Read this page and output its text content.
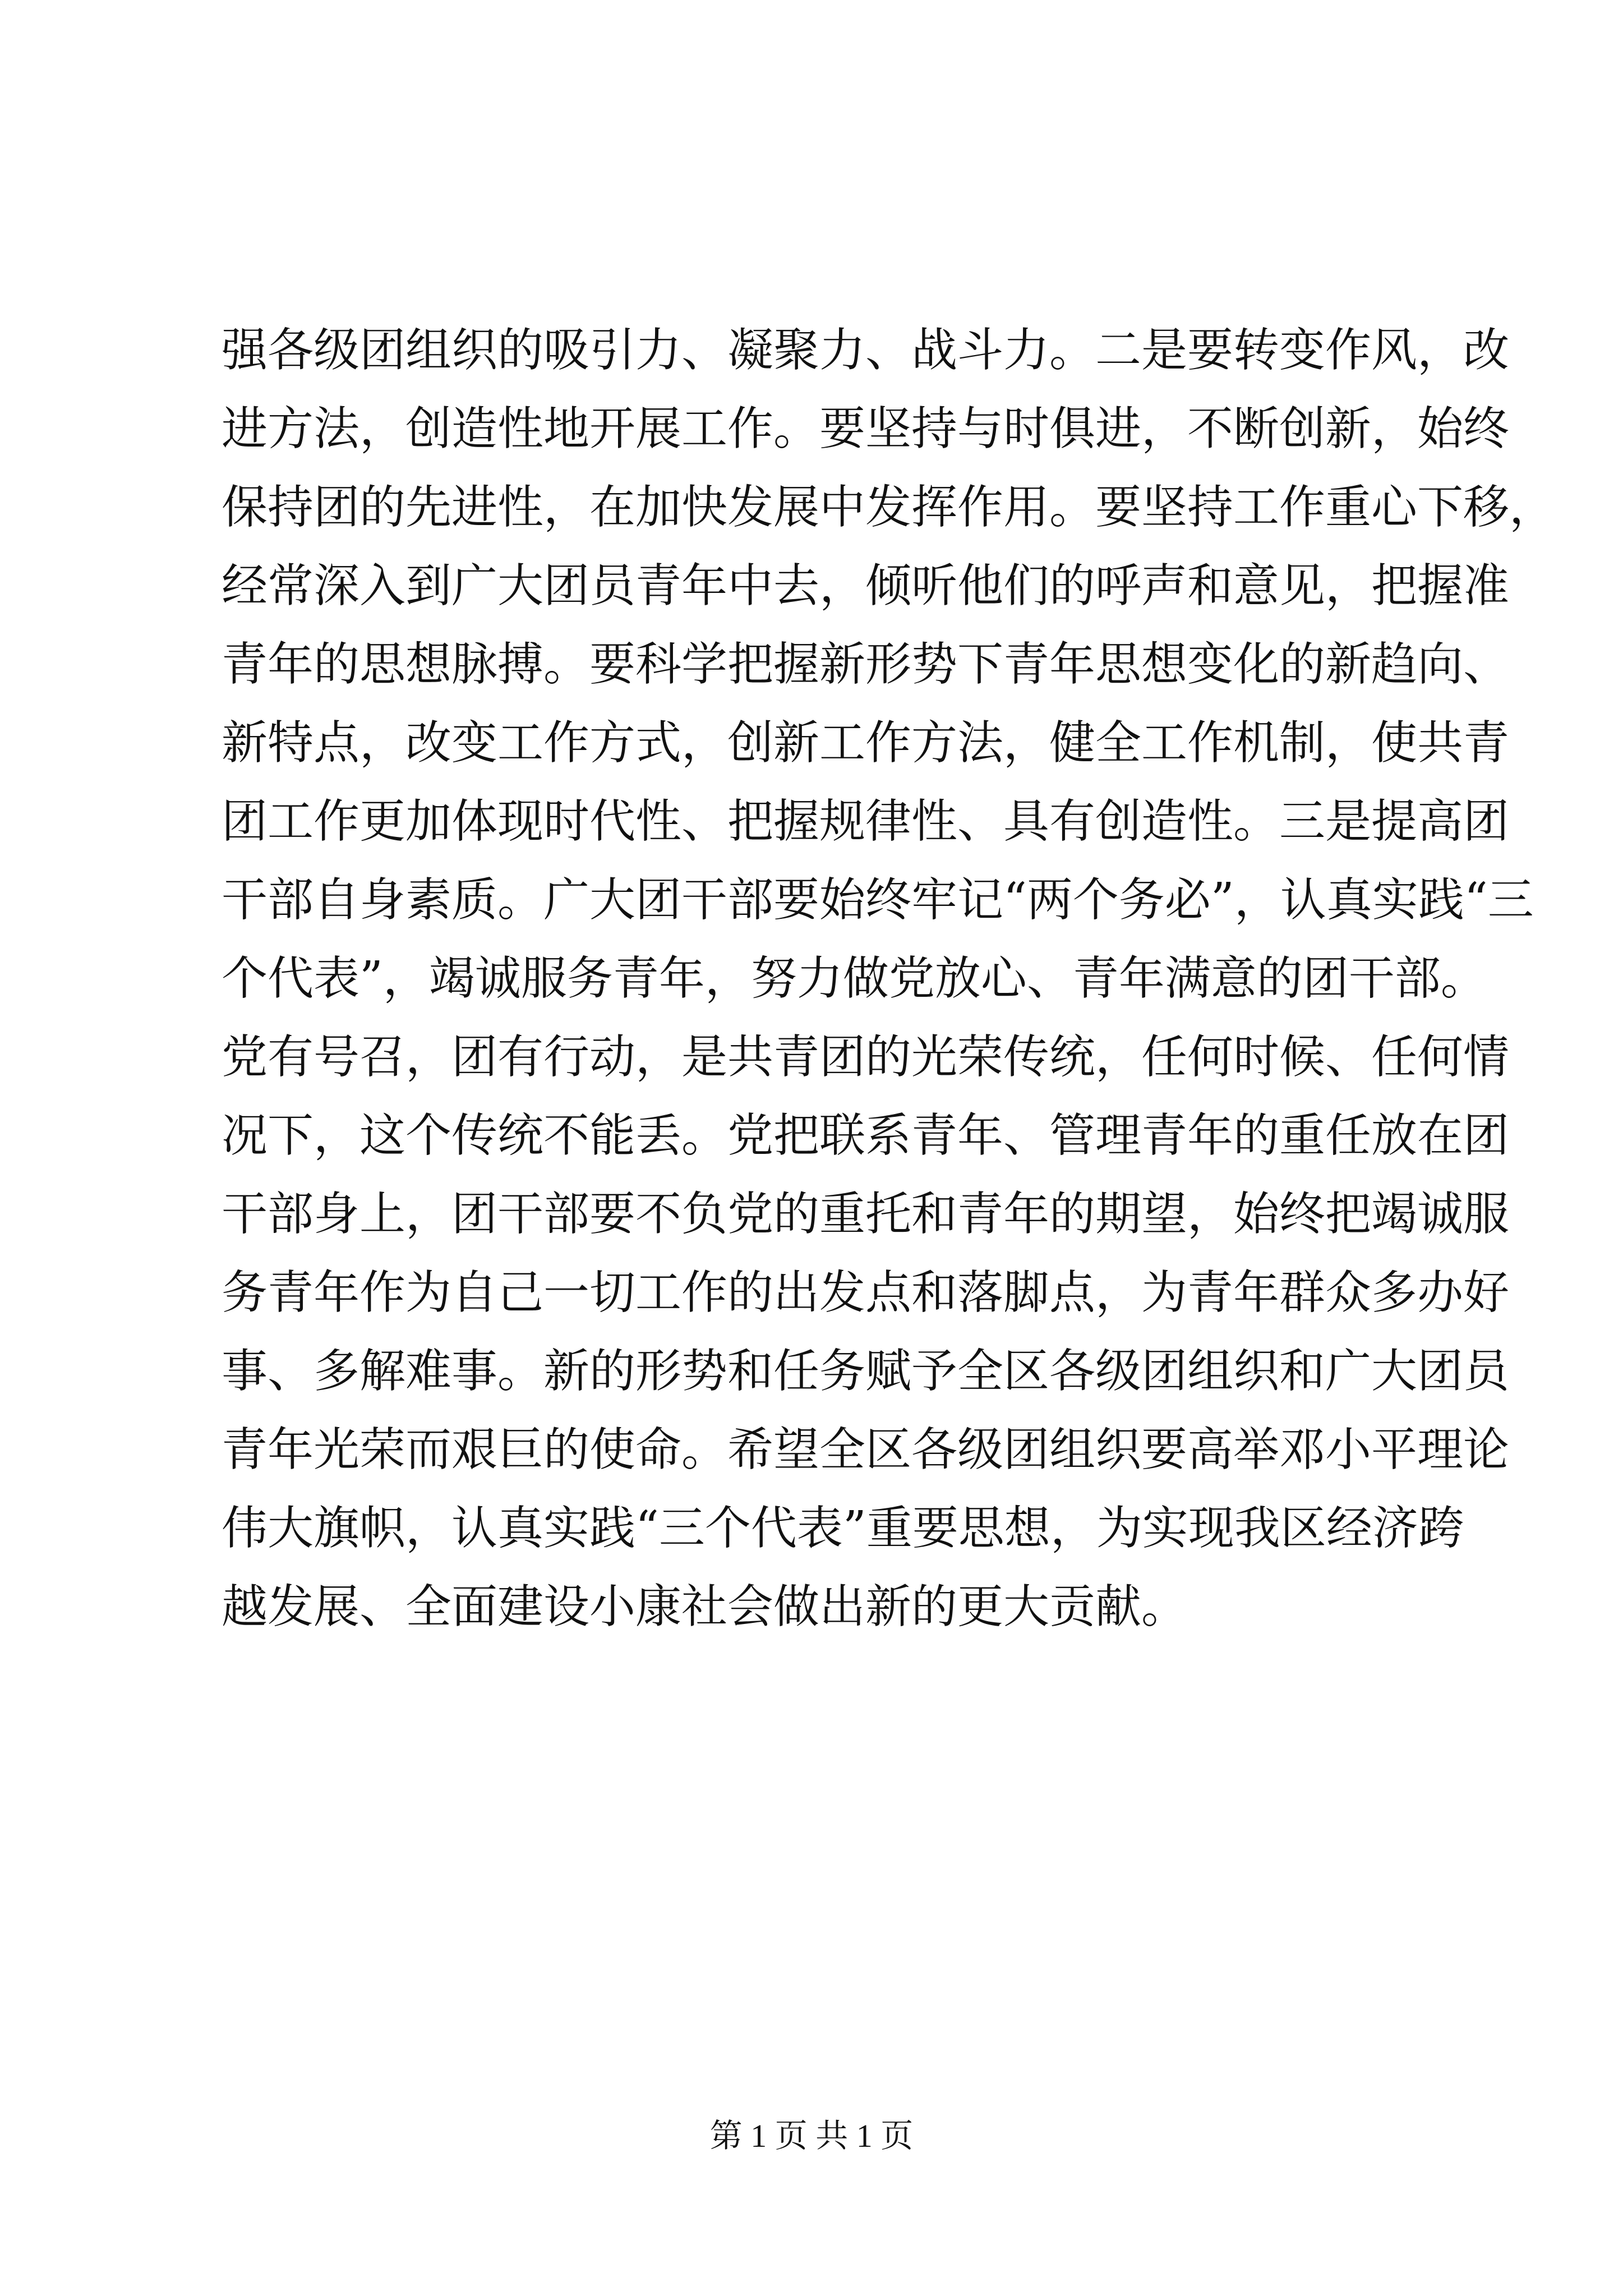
强各级团组织的吸引力、凝聚力、战斗力。二是要转变作风，改
进方法，创造性地开展工作。要坚持与时俱进，不断创新，始终
保持团的先进性，在加快发展中发挥作用。要坚持工作重心下移，
经常深入到广大团员青年中去，倾听他们的呼声和意见，把握准
青年的思想脉搏。要科学把握新形势下青年思想变化的新趋向、
新特点，改变工作方式，创新工作方法，健全工作机制，使共青
团工作更加体现时代性、把握规律性、具有创造性。三是提高团
干部自身素质。广大团干部要始终牢记“两个务必”，认真实践“三
个代表”，竭诚服务青年，努力做党放心、青年满意的团干部。
党有号召，团有行动，是共青团的光荣传统，任何时候、任何情
况下，这个传统不能丢。党把联系青年、管理青年的重任放在团
干部身上，团干部要不负党的重托和青年的期望，始终把竭诚服
务青年作为自己一切工作的出发点和落脚点，为青年群众多办好
事、多解难事。新的形势和任务赋予全区各级团组织和广大团员
青年光荣而艰巨的使命。希望全区各级团组织要高举邓小平理论
伟大旗帜，认真实践“三个代表”重要思想，为实现我区经济跨
越发展、全面建设小康社会做出新的更大贡献。
第 1 页 共 1 页
